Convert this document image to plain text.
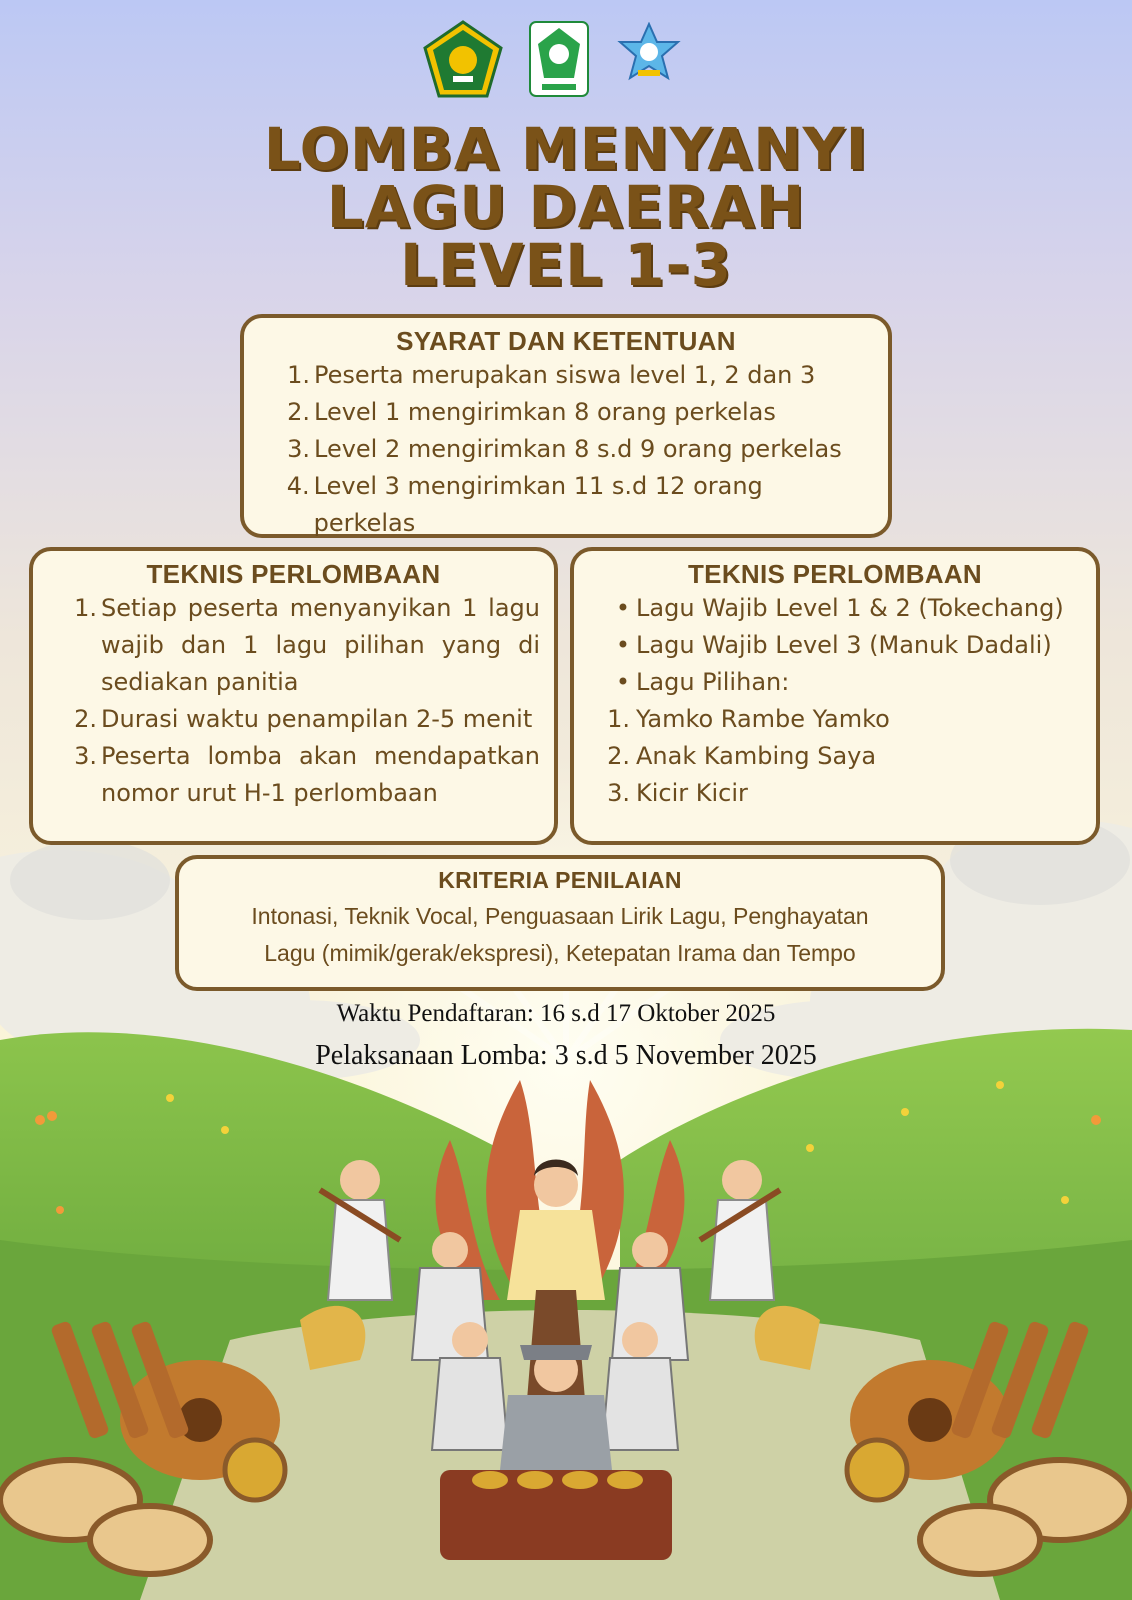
LOMBA MENYANYI
LAGU DAERAH
LEVEL 1-3
SYARAT DAN KETENTUAN
1. Peserta merupakan siswa level 1, 2 dan 3
2. Level 1 mengirimkan 8 orang perkelas
3. Level 2 mengirimkan 8 s.d 9 orang perkelas
4. Level 3 mengirimkan 11 s.d 12 orang perkelas
TEKNIS PERLOMBAAN
1. Setiap peserta menyanyikan 1 lagu wajib dan 1 lagu pilihan yang di sediakan panitia
2. Durasi waktu penampilan 2-5 menit
3. Peserta lomba akan mendapatkan nomor urut H-1 perlombaan
TEKNIS PERLOMBAAN
• Lagu Wajib Level 1 & 2 (Tokechang)
• Lagu Wajib Level 3 (Manuk Dadali)
• Lagu Pilihan:
1. Yamko Rambe Yamko
2. Anak Kambing Saya
3. Kicir Kicir
KRITERIA PENILAIAN

Intonasi, Teknik Vocal, Penguasaan Lirik Lagu, Penghayatan

Lagu (mimik/gerak/ekspresi), Ketepatan Irama dan Tempo

Waktu Pendaftaran: 16 s.d 17 Oktober 2025
Pelaksanaan Lomba: 3 s.d 5 November 2025
